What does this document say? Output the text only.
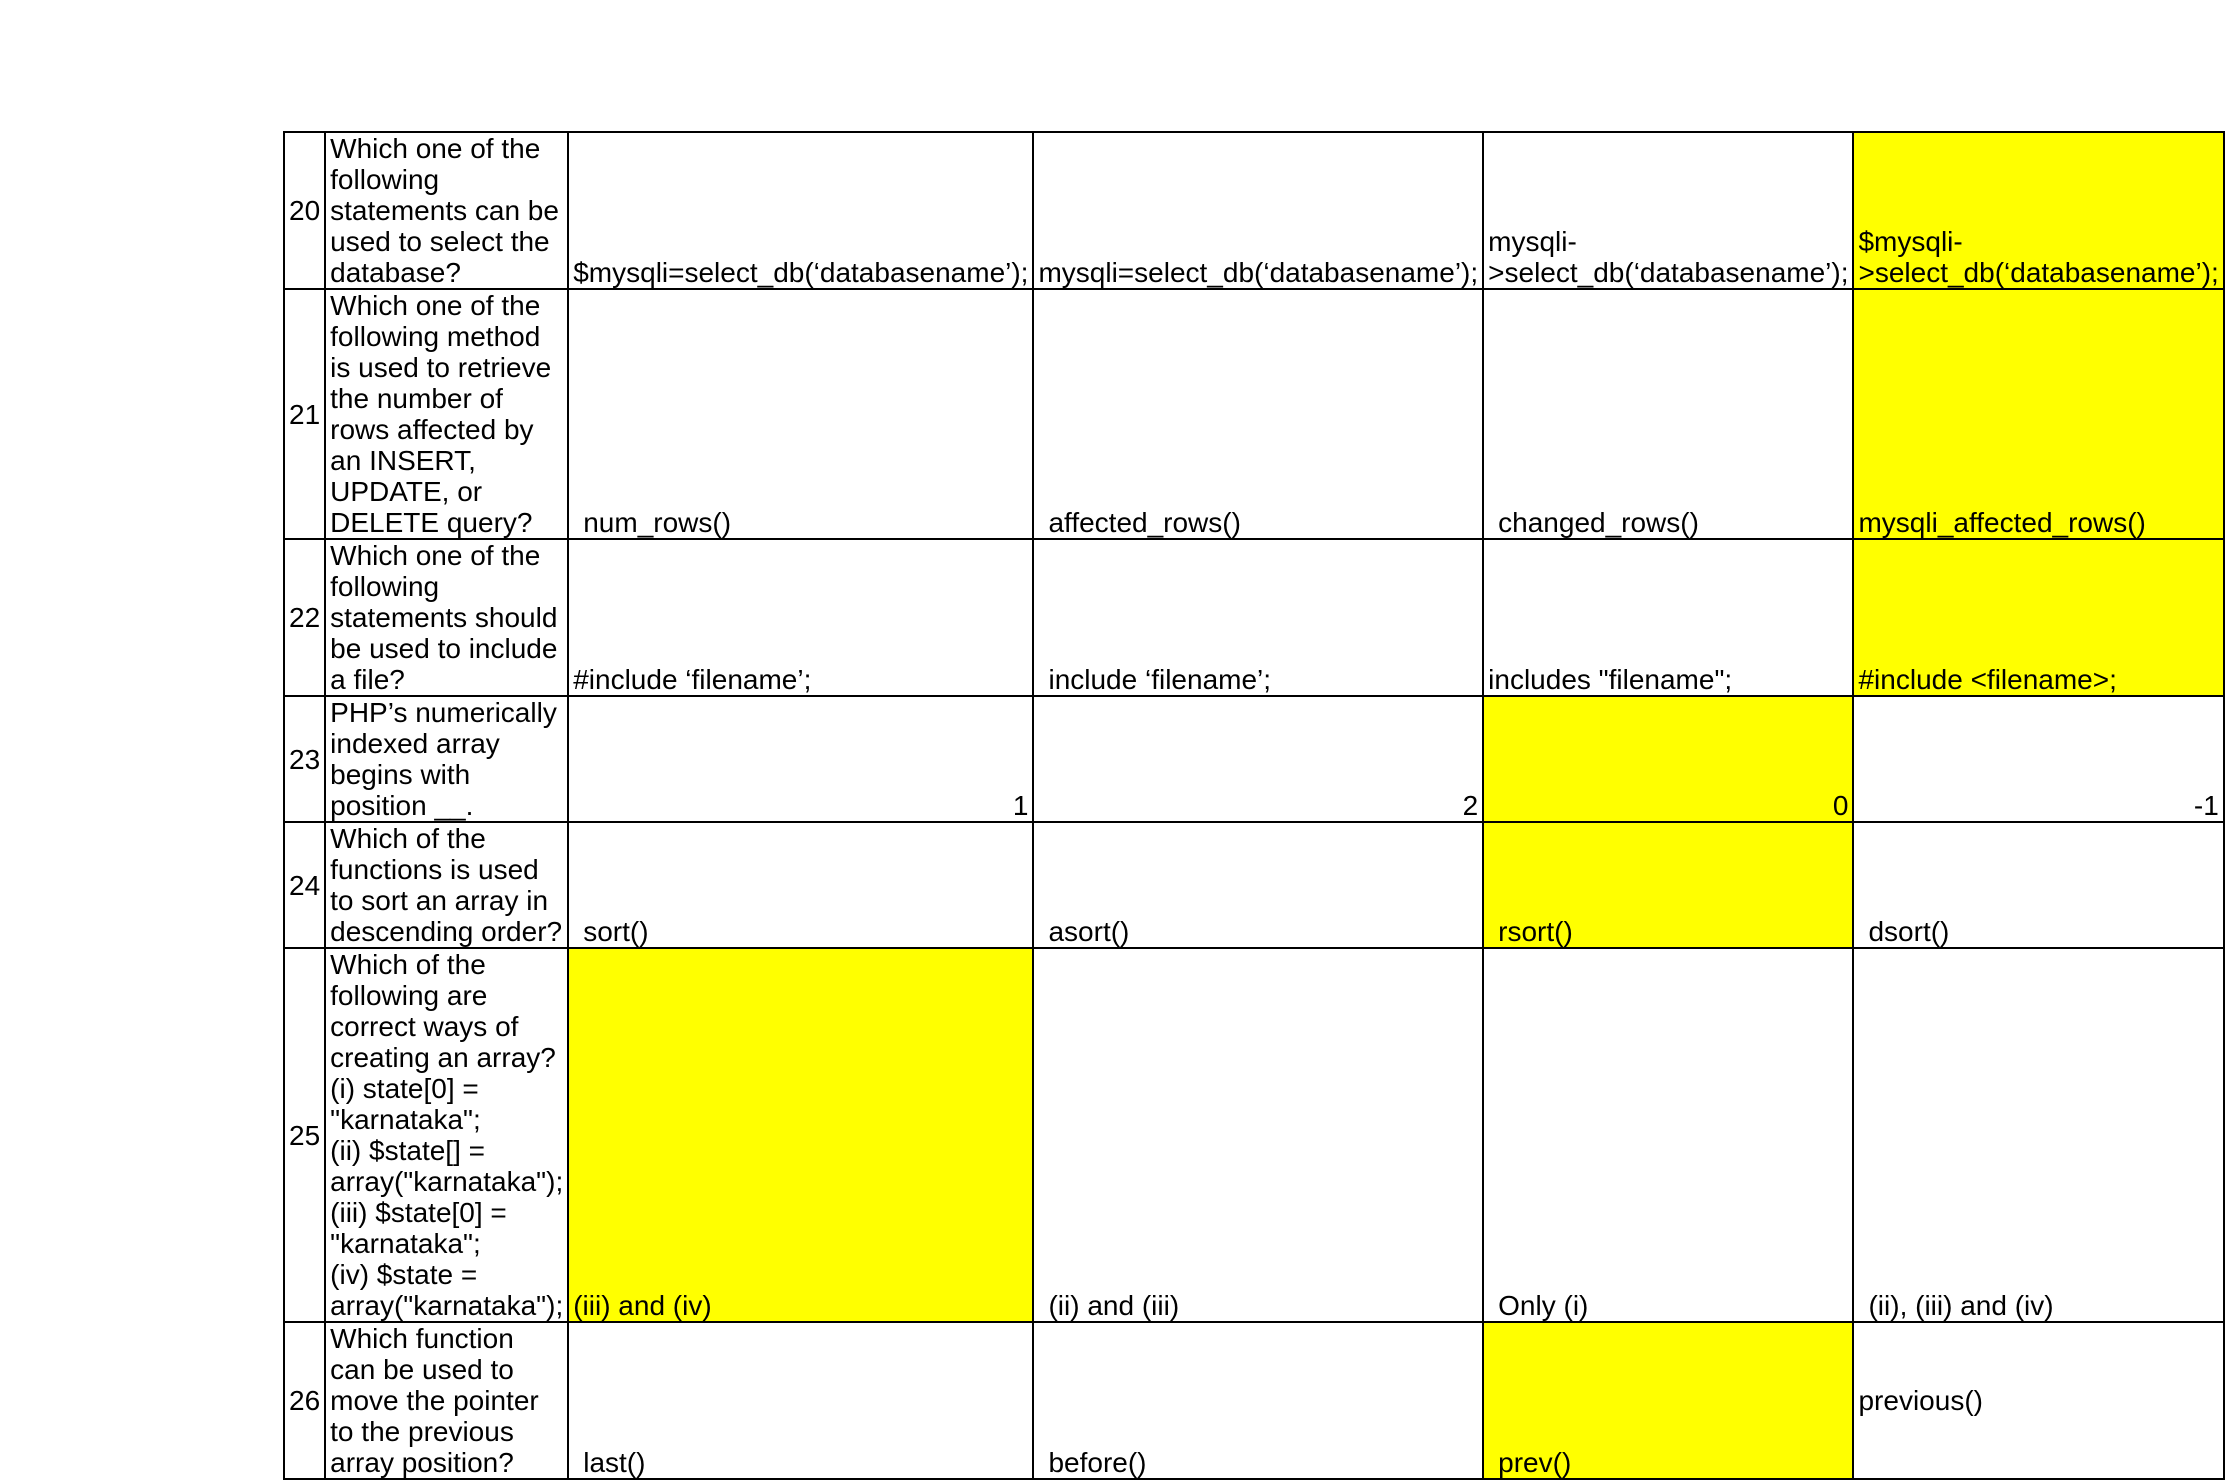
20	Which one of the following statements can be used to select the database?	$mysqli=select_db(‘databasename’);	mysqli=select_db(‘databasename’);	mysqli->select_db(‘databasename’);	$mysqli->select_db(‘databasename’);
21	Which one of the following method is used to retrieve the number of rows affected by an INSERT, UPDATE, or DELETE query?	num_rows()	affected_rows()	changed_rows()	mysqli_affected_rows()
22	Which one of the following statements should be used to include a file?	#include ‘filename’;	include ‘filename’;	includes "filename";	#include <filename>;
23	PHP’s numerically indexed array begins with position __.	1	2	0	-1
24	Which of the functions is used to sort an array in descending order?	sort()	asort()	rsort()	dsort()
25	Which of the following are correct ways of creating an array?
(i) state[0] = "karnataka";
(ii) $state[] = array("karnataka");
(iii) $state[0] = "karnataka";
(iv) $state = array("karnataka");	(iii) and (iv)	(ii) and (iii)	Only (i)	(ii), (iii) and (iv)
26	Which function can be used to move the pointer to the previous array position?	last()	before()	prev()	previous()
